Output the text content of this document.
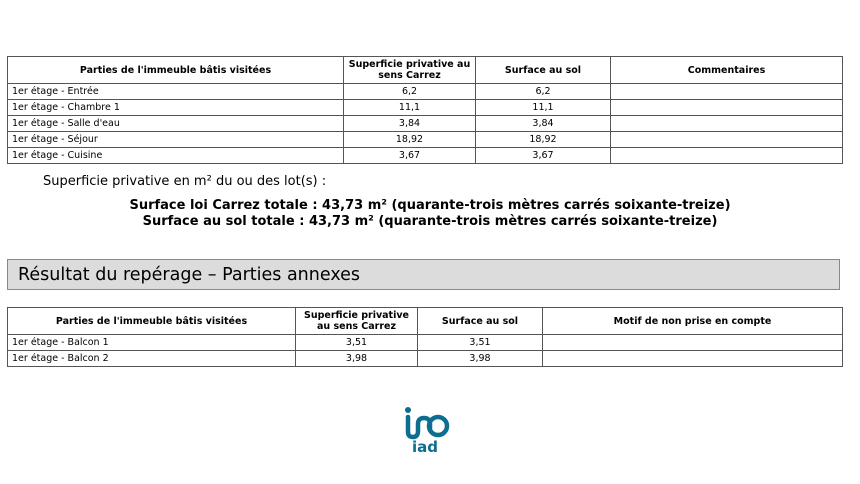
Parties de l'immeuble bâtis visitées	Superficie privative au sens Carrez	Surface au sol	Commentaires
1er étage - Entrée	6,2	6,2	
1er étage - Chambre 1	11,1	11,1	
1er étage - Salle d'eau	3,84	3,84	
1er étage - Séjour	18,92	18,92	
1er étage - Cuisine	3,67	3,67	
Superficie privative en m² du ou des lot(s) :
Surface loi Carrez totale : 43,73 m² (quarante-trois mètres carrés soixante-treize)
Surface au sol totale : 43,73 m² (quarante-trois mètres carrés soixante-treize)
Résultat du repérage – Parties annexes
Parties de l'immeuble bâtis visitées	Superficie privative au sens Carrez	Surface au sol	Motif de non prise en compte
1er étage - Balcon 1	3,51	3,51	
1er étage - Balcon 2	3,98	3,98	
iad
